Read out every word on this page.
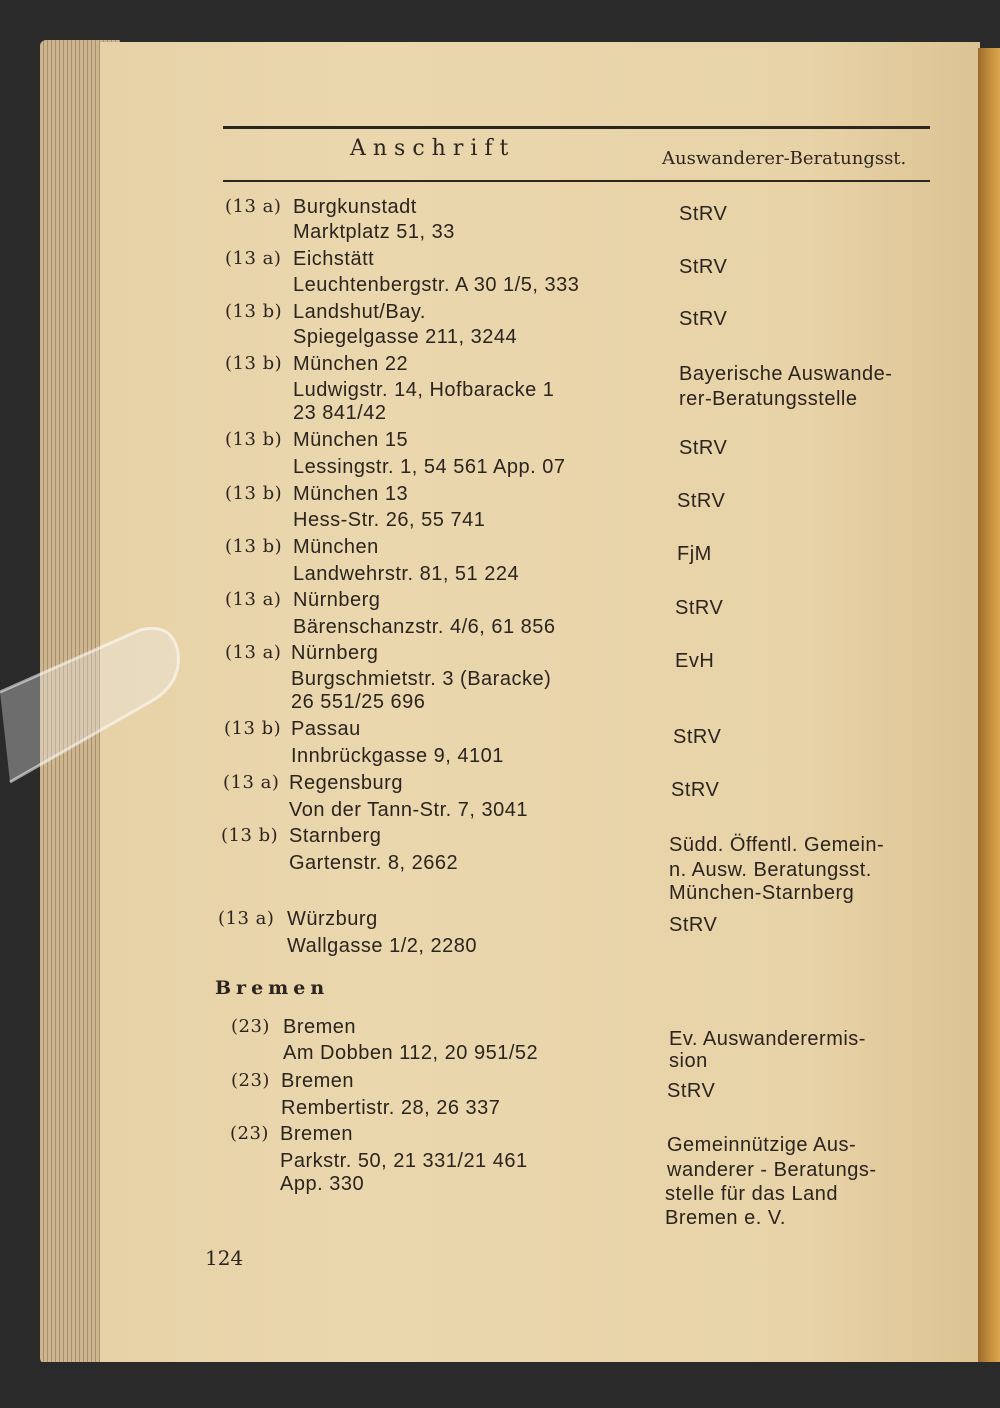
Anschrift	Auswanderer-Beratungsst.
(13 a) Burgkunstadt
Marktplatz 51, 33
StRV
(13 a) Eichstätt
Leuchtenbergstr. A 30 1/5, 333
StRV
(13 b) Landshut/Bay.
Spiegelgasse 211, 3244
StRV
(13 b) München 22
Ludwigstr. 14, Hofbaracke 1
23 841/42
Bayerische Auswande-
rer-Beratungsstelle
(13 b) München 15
Lessingstr. 1, 54 561 App. 07
StRV
(13 b) München 13
Hess-Str. 26, 55 741
StRV
(13 b) München
Landwehrstr. 81, 51 224
FjM
(13 a) Nürnberg
Bärenschanzstr. 4/6, 61 856
StRV
(13 a) Nürnberg
Burgschmietstr. 3 (Baracke)
26 551/25 696
EvH
(13 b) Passau
Innbrückgasse 9, 4101
StRV
(13 a) Regensburg
Von der Tann-Str. 7, 3041
StRV
(13 b) Starnberg
Gartenstr. 8, 2662
Südd. Öffentl. Gemein-
n. Ausw. Beratungsst.
München-Starnberg
(13 a) Würzburg
Wallgasse 1/2, 2280
StRV
Bremen
(23) Bremen
Am Dobben 112, 20 951/52
Ev. Auswanderermis-
sion
(23) Bremen
Rembertistr. 28, 26 337
StRV
(23) Bremen
Parkstr. 50, 21 331/21 461
App. 330
Gemeinnützige Aus-
wanderer - Beratungs-
stelle für das Land
Bremen e. V.
124
